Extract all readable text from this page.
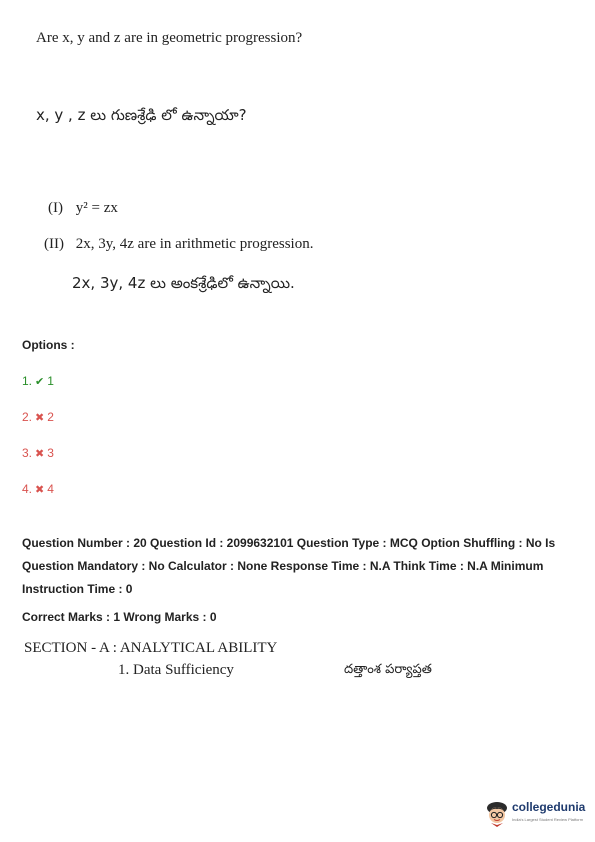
Are x, y and z are in geometric progression?
x, y , z లు గుణశ్రేఢి లో ఉన్నాయా?
(I) y² = zx
(II) 2x, 3y, 4z are in arithmetic progression.
2x, 3y, 4z లు అంకశ్రేఢిలో ఉన్నాయి.
Options :
1. ✔ 1
2. ✖ 2
3. ✖ 3
4. ✖ 4
Question Number : 20 Question Id : 2099632101 Question Type : MCQ Option Shuffling : No Is Question Mandatory : No Calculator : None Response Time : N.A Think Time : N.A Minimum Instruction Time : 0
Correct Marks : 1 Wrong Marks : 0
SECTION - A : ANALYTICAL ABILITY
1. Data Sufficiency	దత్తాంశ పర్యాప్తత
collegedunia
India's Largest Student Review Platform
